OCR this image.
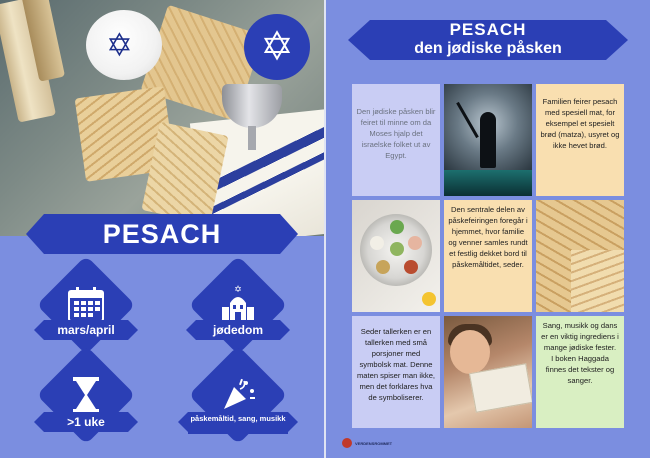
✡	✡
PESACH
mars/april
✡
jødedom
>1 uke	påskemåltid, sang, musikk
PESACH
den jødiske påsken
Den jødiske påsken blir feiret til minne om da Moses hjalp det israelske folket ut av Egypt.
Familien feirer pesach med spesiell mat, for eksempel et spesielt brød (matza), usyret og ikke hevet brød.
Den sentrale delen av påskefeiringen foregår i hjemmet, hvor familie og venner samles rundt et festlig dekket bord til påskemåltidet, seder.
Seder tallerken er en tallerken med små porsjoner med symbolsk mat. Denne maten spiser man ikke, men det forklares hva de symboliserer.
Sang, musikk og dans er en viktig ingrediens i mange jødiske fester.
I boken Haggada finnes det tekster og sanger.
VERDENSROMMET
